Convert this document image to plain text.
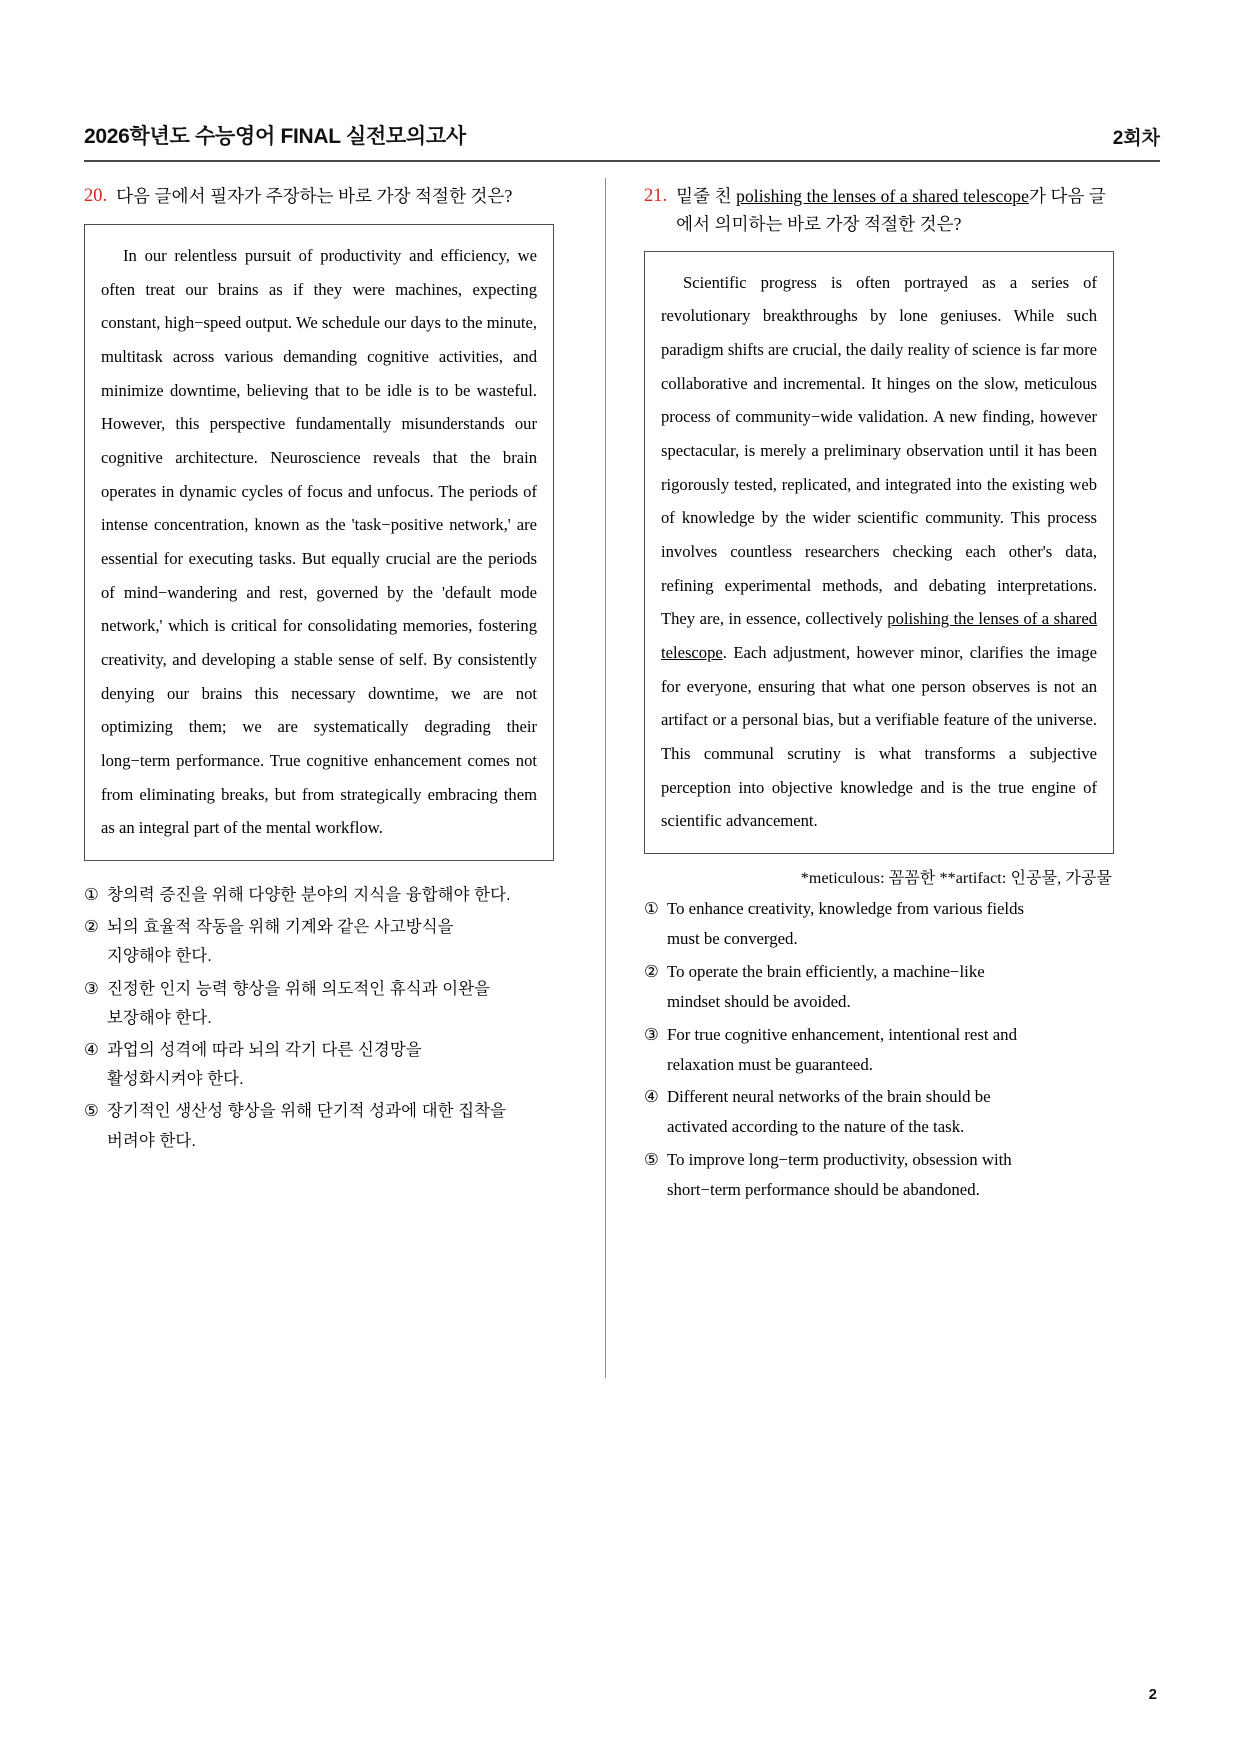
2026학년도 수능영어 FINAL 실전모의고사	2회차
20. 다음 글에서 필자가 주장하는 바로 가장 적절한 것은?

In our relentless pursuit of productivity and efficiency, we often treat our brains as if they were machines, expecting constant, high−speed output. We schedule our days to the minute, multitask across various demanding cognitive activities, and minimize downtime, believing that to be idle is to be wasteful. However, this perspective fundamentally misunderstands our cognitive architecture. Neuroscience reveals that the brain operates in dynamic cycles of focus and unfocus. The periods of intense concentration, known as the 'task−positive network,' are essential for executing tasks. But equally crucial are the periods of mind−wandering and rest, governed by the 'default mode network,' which is critical for consolidating memories, fostering creativity, and developing a stable sense of self. By consistently denying our brains this necessary downtime, we are not optimizing them; we are systematically degrading their long−term performance. True cognitive enhancement comes not from eliminating breaks, but from strategically embracing them as an integral part of the mental workflow.

① 창의력 증진을 위해 다양한 분야의 지식을 융합해야 한다.
② 뇌의 효율적 작동을 위해 기계와 같은 사고방식을
지양해야 한다.
③ 진정한 인지 능력 향상을 위해 의도적인 휴식과 이완을
보장해야 한다.
④ 과업의 성격에 따라 뇌의 각기 다른 신경망을
활성화시켜야 한다.
⑤ 장기적인 생산성 향상을 위해 단기적 성과에 대한 집착을
버려야 한다.
21. 밑줄 친 polishing the lenses of a shared telescope가 다음 글에서 의미하는 바로 가장 적절한 것은?

Scientific progress is often portrayed as a series of revolutionary breakthroughs by lone geniuses. While such paradigm shifts are crucial, the daily reality of science is far more collaborative and incremental. It hinges on the slow, meticulous process of community−wide validation. A new finding, however spectacular, is merely a preliminary observation until it has been rigorously tested, replicated, and integrated into the existing web of knowledge by the wider scientific community. This process involves countless researchers checking each other's data, refining experimental methods, and debating interpretations. They are, in essence, collectively polishing the lenses of a shared telescope. Each adjustment, however minor, clarifies the image for everyone, ensuring that what one person observes is not an artifact or a personal bias, but a verifiable feature of the universe. This communal scrutiny is what transforms a subjective perception into objective knowledge and is the true engine of scientific advancement.

*meticulous: 꼼꼼한 **artifact: 인공물, 가공물
① To enhance creativity, knowledge from various fields
must be converged.
② To operate the brain efficiently, a machine−like
mindset should be avoided.
③ For true cognitive enhancement, intentional rest and
relaxation must be guaranteed.
④ Different neural networks of the brain should be
activated according to the nature of the task.
⑤ To improve long−term productivity, obsession with
short−term performance should be abandoned.
2
